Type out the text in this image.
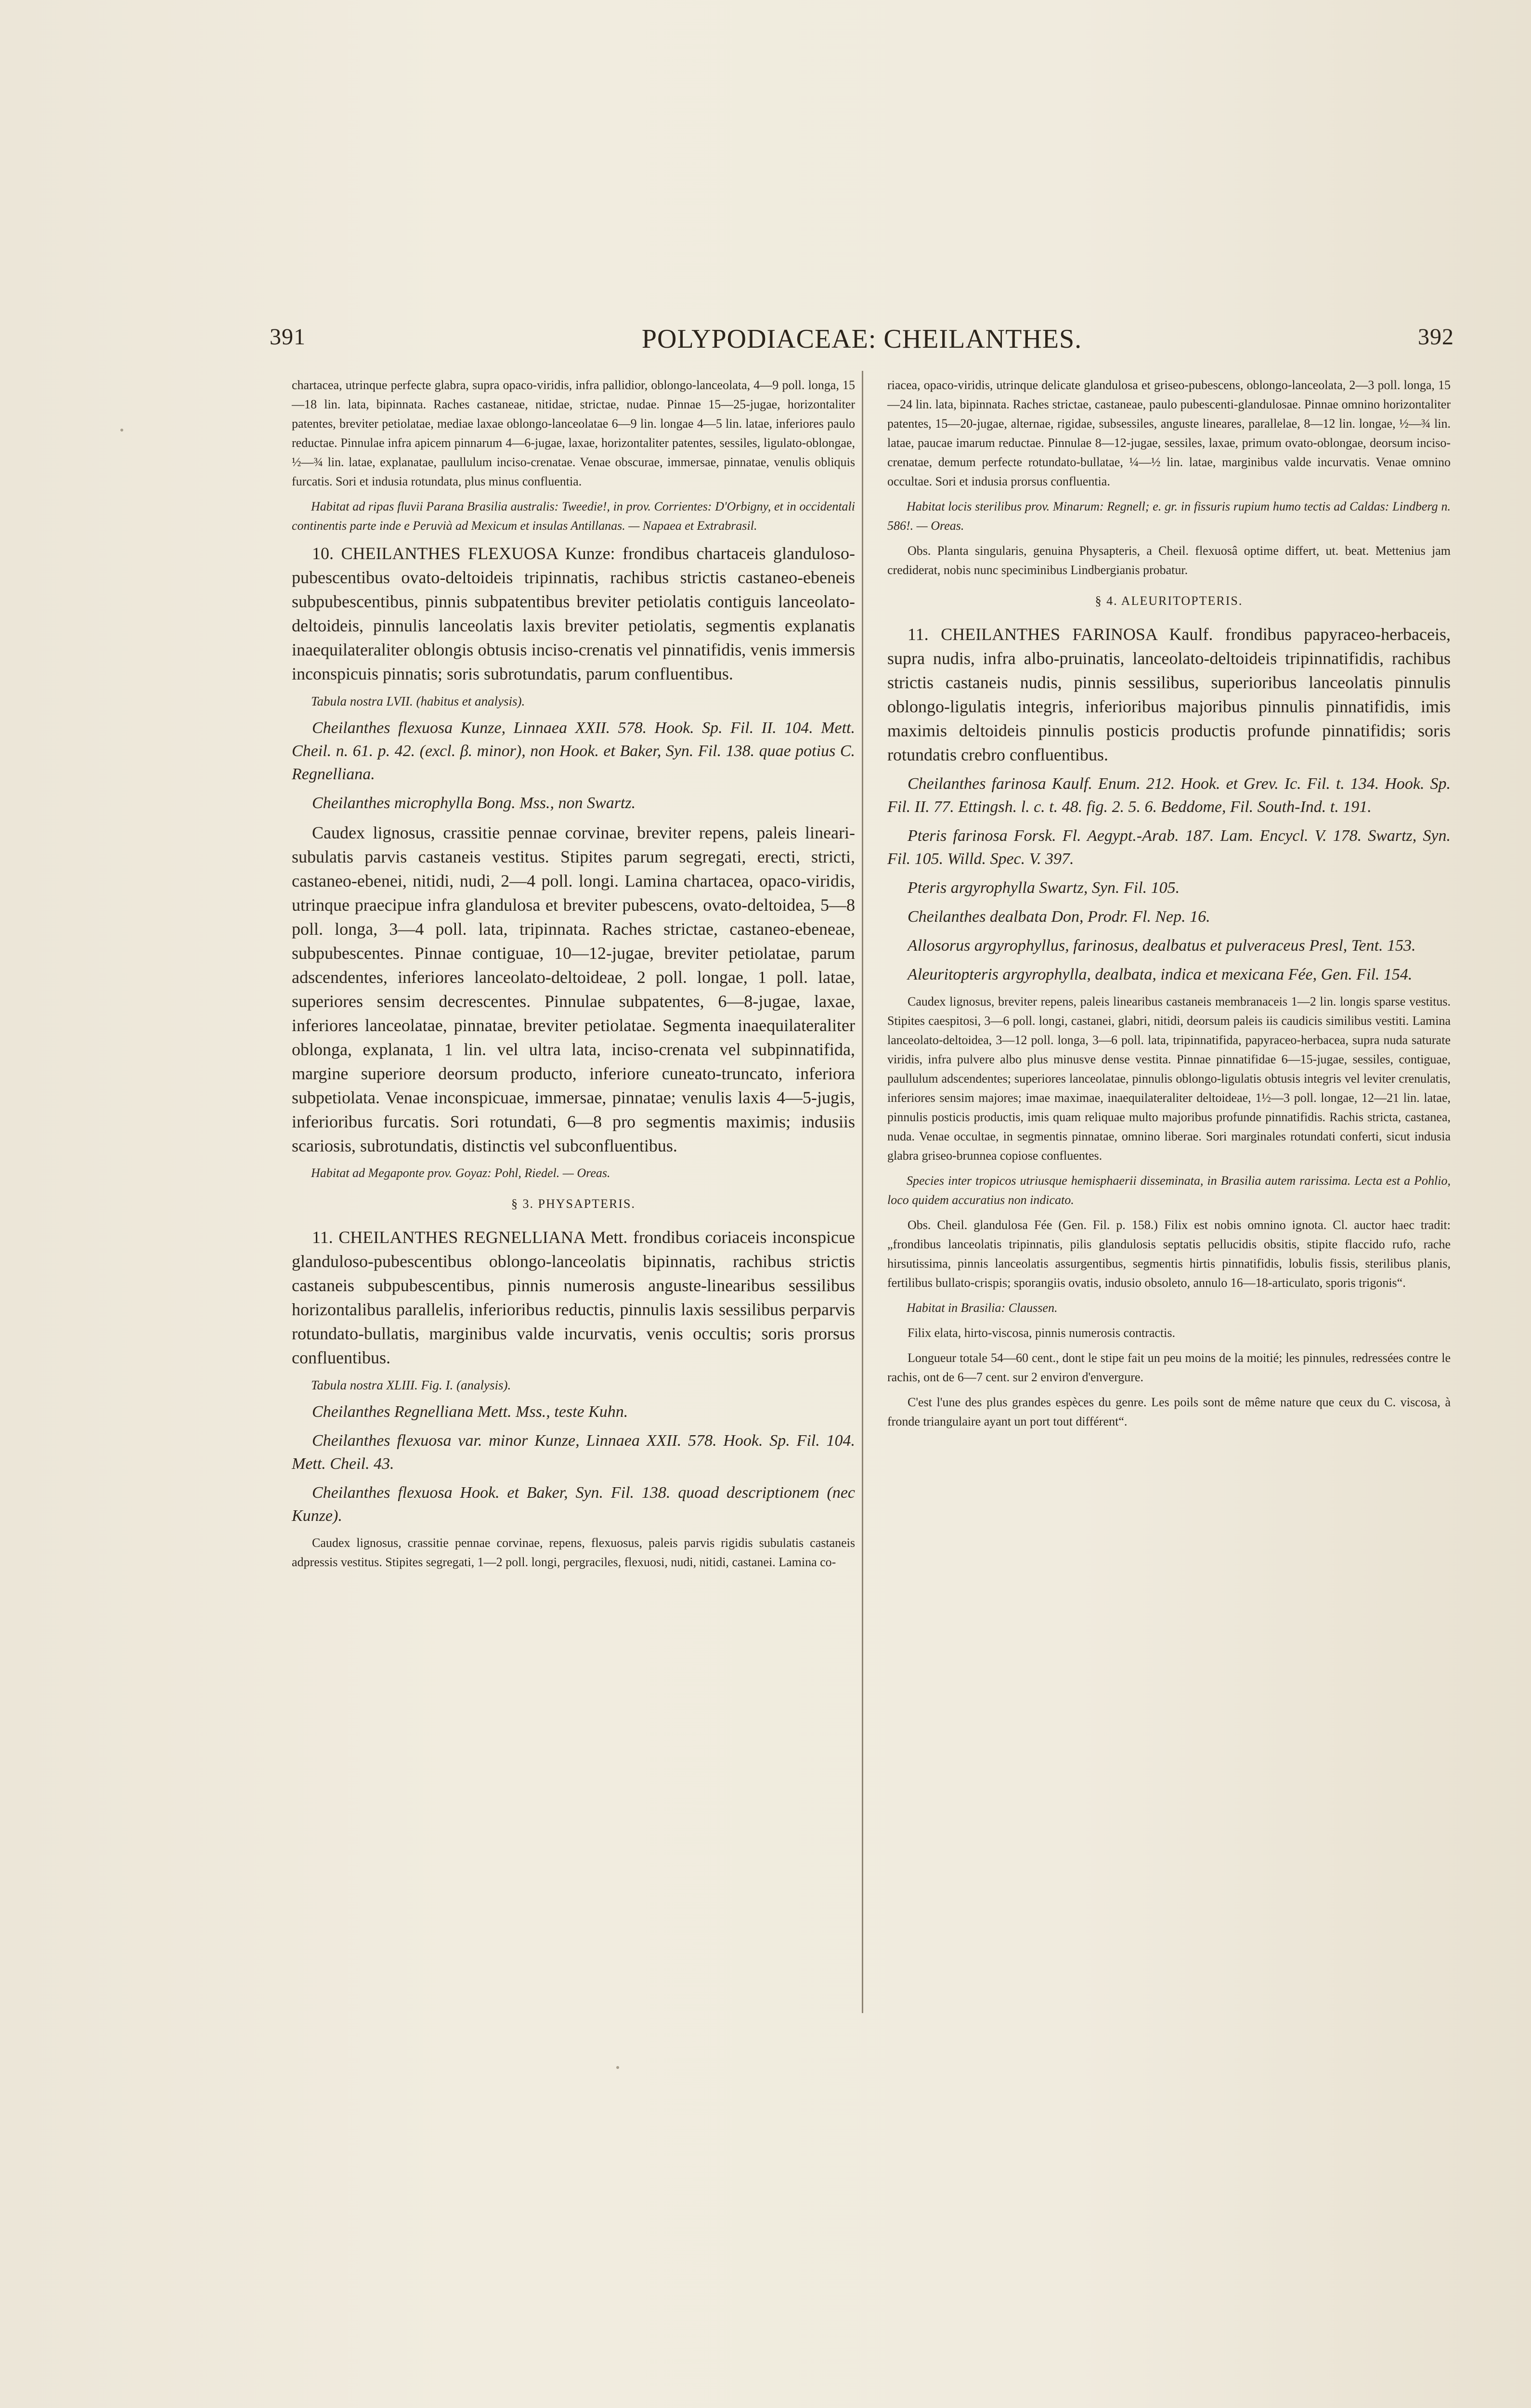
391	POLYPODIACEAE: CHEILANTHES.	392

chartacea, utrinque perfecte glabra, supra opaco-viridis, infra pallidior, oblongo-lanceolata, 4—9 poll. longa, 15—18 lin. lata, bipinnata. Raches castaneae, nitidae, strictae, nudae. Pinnae 15—25-jugae, horizontaliter patentes, breviter petiolatae, mediae laxae oblongo-lanceolatae 6—9 lin. longae 4—5 lin. latae, inferiores paulo reductae. Pinnulae infra apicem pinnarum 4—6-jugae, laxae, horizontaliter patentes, sessiles, ligulato-oblongae, ½—¾ lin. latae, explanatae, paullulum inciso-crenatae. Venae obscurae, immersae, pinnatae, venulis obliquis furcatis. Sori et indusia rotundata, plus minus confluentia.

Habitat ad ripas fluvii Parana Brasilia australis: Tweedie!, in prov. Corrientes: D'Orbigny, et in occidentali continentis parte inde e Peruvià ad Mexicum et insulas Antillanas. — Napaea et Extrabrasil.

10. CHEILANTHES FLEXUOSA Kunze: frondibus chartaceis glanduloso-pubescentibus ovato-deltoideis tripinnatis, rachibus strictis castaneo-ebeneis subpubescentibus, pinnis subpatentibus breviter petiolatis contiguis lanceolato-deltoideis, pinnulis lanceolatis laxis breviter petiolatis, segmentis explanatis inaequilateraliter oblongis obtusis inciso-crenatis vel pinnatifidis, venis immersis inconspicuis pinnatis; soris subrotundatis, parum confluentibus.

Tabula nostra LVII. (habitus et analysis).

Cheilanthes flexuosa Kunze, Linnaea XXII. 578. Hook. Sp. Fil. II. 104. Mett. Cheil. n. 61. p. 42. (excl. β. minor), non Hook. et Baker, Syn. Fil. 138. quae potius C. Regnelliana.

Cheilanthes microphylla Bong. Mss., non Swartz.

Caudex lignosus, crassitie pennae corvinae, breviter repens, paleis lineari-subulatis parvis castaneis vestitus. Stipites parum segregati, erecti, stricti, castaneo-ebenei, nitidi, nudi, 2—4 poll. longi. Lamina chartacea, opaco-viridis, utrinque praecipue infra glandulosa et breviter pubescens, ovato-deltoidea, 5—8 poll. longa, 3—4 poll. lata, tripinnata. Raches strictae, castaneo-ebeneae, subpubescentes. Pinnae contiguae, 10—12-jugae, breviter petiolatae, parum adscendentes, inferiores lanceolato-deltoideae, 2 poll. longae, 1 poll. latae, superiores sensim decrescentes. Pinnulae subpatentes, 6—8-jugae, laxae, inferiores lanceolatae, pinnatae, breviter petiolatae. Segmenta inaequilateraliter oblonga, explanata, 1 lin. vel ultra lata, inciso-crenata vel subpinnatifida, margine superiore deorsum producto, inferiore cuneato-truncato, inferiora subpetiolata. Venae inconspicuae, immersae, pinnatae; venulis laxis 4—5-jugis, inferioribus furcatis. Sori rotundati, 6—8 pro segmentis maximis; indusiis scariosis, subrotundatis, distinctis vel subconfluentibus.

Habitat ad Megaponte prov. Goyaz: Pohl, Riedel. — Oreas.

§ 3. PHYSAPTERIS.

11. CHEILANTHES REGNELLIANA Mett. frondibus coriaceis inconspicue glanduloso-pubescentibus oblongo-lanceolatis bipinnatis, rachibus strictis castaneis subpubescentibus, pinnis numerosis anguste-linearibus sessilibus horizontalibus parallelis, inferioribus reductis, pinnulis laxis sessilibus perparvis rotundato-bullatis, marginibus valde incurvatis, venis occultis; soris prorsus confluentibus.

Tabula nostra XLIII. Fig. I. (analysis).

Cheilanthes Regnelliana Mett. Mss., teste Kuhn.

Cheilanthes flexuosa var. minor Kunze, Linnaea XXII. 578. Hook. Sp. Fil. 104. Mett. Cheil. 43.

Cheilanthes flexuosa Hook. et Baker, Syn. Fil. 138. quoad descriptionem (nec Kunze).

Caudex lignosus, crassitie pennae corvinae, repens, flexuosus, paleis parvis rigidis subulatis castaneis adpressis vestitus. Stipites segregati, 1—2 poll. longi, pergraciles, flexuosi, nudi, nitidi, castanei. Lamina co-

riacea, opaco-viridis, utrinque delicate glandulosa et griseo-pubescens, oblongo-lanceolata, 2—3 poll. longa, 15—24 lin. lata, bipinnata. Raches strictae, castaneae, paulo pubescenti-glandulosae. Pinnae omnino horizontaliter patentes, 15—20-jugae, alternae, rigidae, subsessiles, anguste lineares, parallelae, 8—12 lin. longae, ½—¾ lin. latae, paucae imarum reductae. Pinnulae 8—12-jugae, sessiles, laxae, primum ovato-oblongae, deorsum inciso-crenatae, demum perfecte rotundato-bullatae, ¼—½ lin. latae, marginibus valde incurvatis. Venae omnino occultae. Sori et indusia prorsus confluentia.

Habitat locis sterilibus prov. Minarum: Regnell; e. gr. in fissuris rupium humo tectis ad Caldas: Lindberg n. 586!. — Oreas.

Obs. Planta singularis, genuina Physapteris, a Cheil. flexuosâ optime differt, ut. beat. Mettenius jam crediderat, nobis nunc speciminibus Lindbergianis probatur.

§ 4. ALEURITOPTERIS.

11. CHEILANTHES FARINOSA Kaulf. frondibus papyraceo-herbaceis, supra nudis, infra albo-pruinatis, lanceolato-deltoideis tripinnatifidis, rachibus strictis castaneis nudis, pinnis sessilibus, superioribus lanceolatis pinnulis oblongo-ligulatis integris, inferioribus majoribus pinnulis pinnatifidis, imis maximis deltoideis pinnulis posticis productis profunde pinnatifidis; soris rotundatis crebro confluentibus.

Cheilanthes farinosa Kaulf. Enum. 212. Hook. et Grev. Ic. Fil. t. 134. Hook. Sp. Fil. II. 77. Ettingsh. l. c. t. 48. fig. 2. 5. 6. Beddome, Fil. South-Ind. t. 191.

Pteris farinosa Forsk. Fl. Aegypt.-Arab. 187. Lam. Encycl. V. 178. Swartz, Syn. Fil. 105. Willd. Spec. V. 397.

Pteris argyrophylla Swartz, Syn. Fil. 105.

Cheilanthes dealbata Don, Prodr. Fl. Nep. 16.

Allosorus argyrophyllus, farinosus, dealbatus et pulveraceus Presl, Tent. 153.

Aleuritopteris argyrophylla, dealbata, indica et mexicana Fée, Gen. Fil. 154.

Caudex lignosus, breviter repens, paleis linearibus castaneis membranaceis 1—2 lin. longis sparse vestitus. Stipites caespitosi, 3—6 poll. longi, castanei, glabri, nitidi, deorsum paleis iis caudicis similibus vestiti. Lamina lanceolato-deltoidea, 3—12 poll. longa, 3—6 poll. lata, tripinnatifida, papyraceo-herbacea, supra nuda saturate viridis, infra pulvere albo plus minusve dense vestita. Pinnae pinnatifidae 6—15-jugae, sessiles, contiguae, paullulum adscendentes; superiores lanceolatae, pinnulis oblongo-ligulatis obtusis integris vel leviter crenulatis, inferiores sensim majores; imae maximae, inaequilateraliter deltoideae, 1½—3 poll. longae, 12—21 lin. latae, pinnulis posticis productis, imis quam reliquae multo majoribus profunde pinnatifidis. Rachis stricta, castanea, nuda. Venae occultae, in segmentis pinnatae, omnino liberae. Sori marginales rotundati conferti, sicut indusia glabra griseo-brunnea copiose confluentes.

Species inter tropicos utriusque hemisphaerii disseminata, in Brasilia autem rarissima. Lecta est a Pohlio, loco quidem accuratius non indicato.

Obs. Cheil. glandulosa Fée (Gen. Fil. p. 158.) Filix est nobis omnino ignota. Cl. auctor haec tradit: „frondibus lanceolatis tripinnatis, pilis glandulosis septatis pellucidis obsitis, stipite flaccido rufo, rache hirsutissima, pinnis lanceolatis assurgentibus, segmentis hirtis pinnatifidis, lobulis fissis, sterilibus planis, fertilibus bullato-crispis; sporangiis ovatis, indusio obsoleto, annulo 16—18-articulato, sporis trigonis“.

Habitat in Brasilia: Claussen.

Filix elata, hirto-viscosa, pinnis numerosis contractis.

Longueur totale 54—60 cent., dont le stipe fait un peu moins de la moitié; les pinnules, redressées contre le rachis, ont de 6—7 cent. sur 2 environ d'envergure.

C'est l'une des plus grandes espèces du genre. Les poils sont de même nature que ceux du C. viscosa, à fronde triangulaire ayant un port tout différent“.
